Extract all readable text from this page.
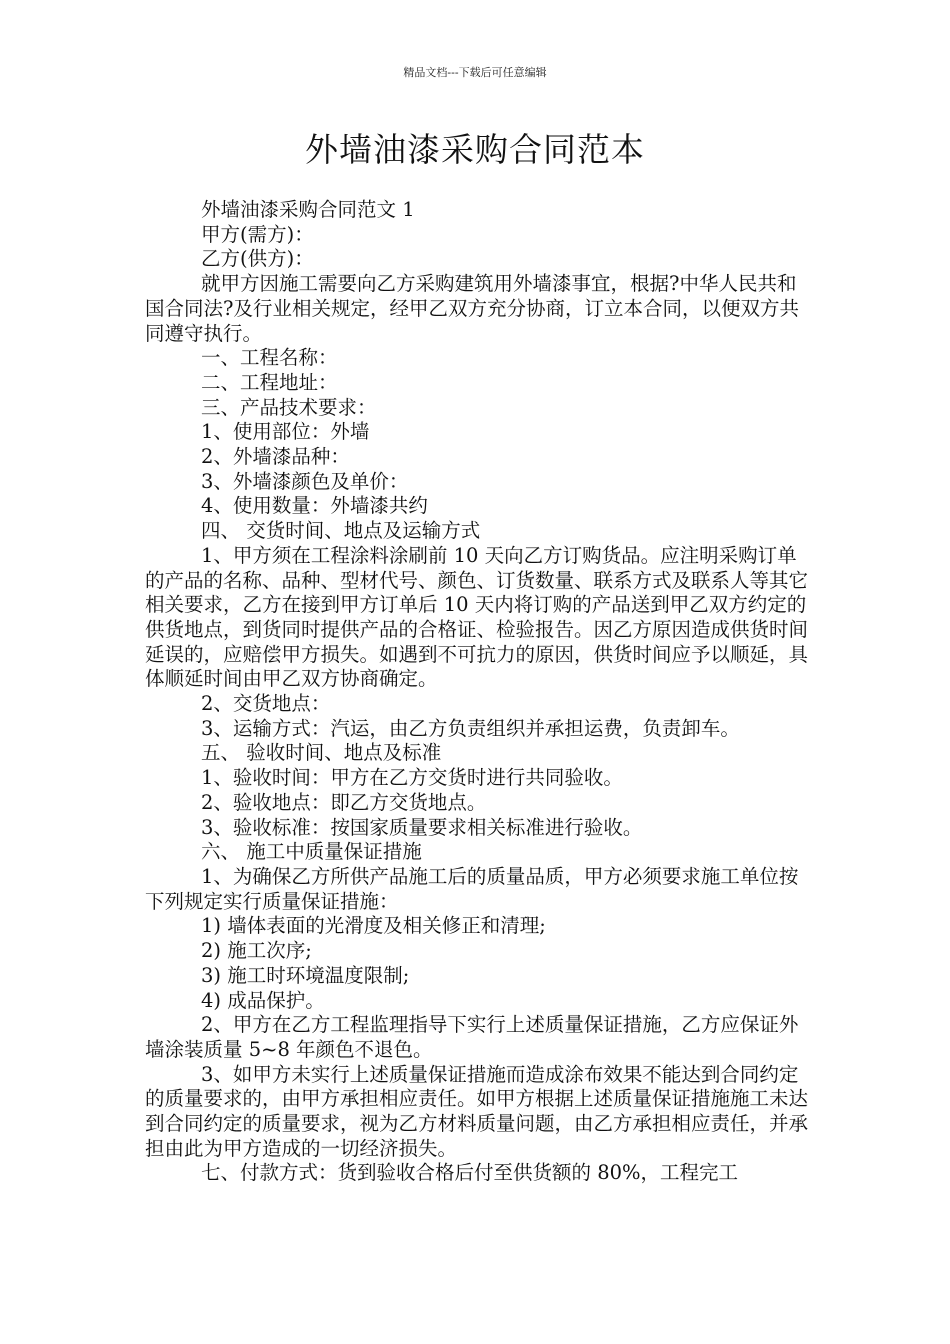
精品文档---下载后可任意编辑
外墙油漆采购合同范本

外墙油漆采购合同范文 1

甲方(需方)：

乙方(供方)：

就甲方因施工需要向乙方采购建筑用外墙漆事宜，根据?中华人民共和国合同法?及行业相关规定，经甲乙双方充分协商，订立本合同，以便双方共同遵守执行。

一、工程名称：

二、工程地址：

三、产品技术要求：

1、使用部位：外墙

2、外墙漆品种：

3、外墙漆颜色及单价：

4、使用数量：外墙漆共约

四、 交货时间、地点及运输方式

1、甲方须在工程涂料涂刷前 10 天向乙方订购货品。应注明采购订单的产品的名称、品种、型材代号、颜色、订货数量、联系方式及联系人等其它相关要求，乙方在接到甲方订单后 10 天内将订购的产品送到甲乙双方约定的供货地点，到货同时提供产品的合格证、检验报告。因乙方原因造成供货时间延误的，应赔偿甲方损失。如遇到不可抗力的原因，供货时间应予以顺延，具体顺延时间由甲乙双方协商确定。

2、交货地点：

3、运输方式：汽运，由乙方负责组织并承担运费，负责卸车。

五、 验收时间、地点及标准

1、验收时间：甲方在乙方交货时进行共同验收。

2、验收地点：即乙方交货地点。

3、验收标准：按国家质量要求相关标准进行验收。

六、 施工中质量保证措施

1、为确保乙方所供产品施工后的质量品质，甲方必须要求施工单位按下列规定实行质量保证措施：

1) 墙体表面的光滑度及相关修正和清理;

2) 施工次序;

3) 施工时环境温度限制;

4) 成品保护。

2、甲方在乙方工程监理指导下实行上述质量保证措施，乙方应保证外墙涂装质量 5~8 年颜色不退色。

3、如甲方未实行上述质量保证措施而造成涂布效果不能达到合同约定的质量要求的，由甲方承担相应责任。如甲方根据上述质量保证措施施工未达到合同约定的质量要求，视为乙方材料质量问题，由乙方承担相应责任，并承担由此为甲方造成的一切经济损失。

七、付款方式：货到验收合格后付至供货额的 80%，工程完工
